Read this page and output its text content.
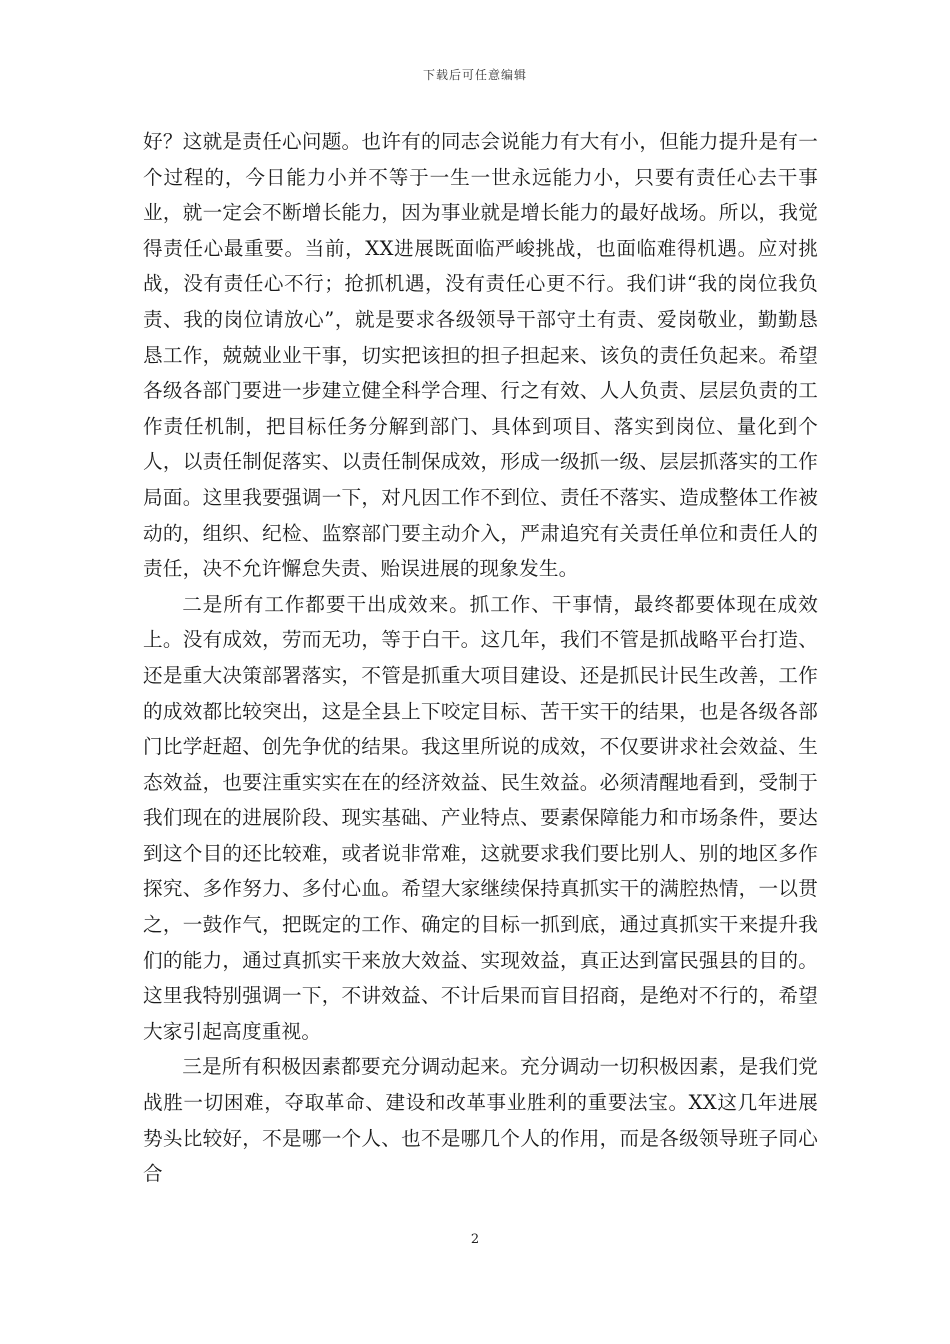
下载后可任意编辑

好？这就是责任心问题。也许有的同志会说能力有大有小，但能力提升是有一个过程的，今日能力小并不等于一生一世永远能力小，只要有责任心去干事业，就一定会不断增长能力，因为事业就是增长能力的最好战场。所以，我觉得责任心最重要。当前，XX进展既面临严峻挑战，也面临难得机遇。应对挑战，没有责任心不行；抢抓机遇，没有责任心更不行。我们讲“我的岗位我负责、我的岗位请放心”，就是要求各级领导干部守土有责、爱岗敬业，勤勤恳恳工作，兢兢业业干事，切实把该担的担子担起来、该负的责任负起来。希望各级各部门要进一步建立健全科学合理、行之有效、人人负责、层层负责的工作责任机制，把目标任务分解到部门、具体到项目、落实到岗位、量化到个人，以责任制促落实、以责任制保成效，形成一级抓一级、层层抓落实的工作局面。这里我要强调一下，对凡因工作不到位、责任不落实、造成整体工作被动的，组织、纪检、监察部门要主动介入，严肃追究有关责任单位和责任人的责任，决不允许懈怠失责、贻误进展的现象发生。

二是所有工作都要干出成效来。抓工作、干事情，最终都要体现在成效上。没有成效，劳而无功，等于白干。这几年，我们不管是抓战略平台打造、还是重大决策部署落实，不管是抓重大项目建设、还是抓民计民生改善，工作的成效都比较突出，这是全县上下咬定目标、苦干实干的结果，也是各级各部门比学赶超、创先争优的结果。我这里所说的成效，不仅要讲求社会效益、生态效益，也要注重实实在在的经济效益、民生效益。必须清醒地看到，受制于我们现在的进展阶段、现实基础、产业特点、要素保障能力和市场条件，要达到这个目的还比较难，或者说非常难，这就要求我们要比别人、别的地区多作探究、多作努力、多付心血。希望大家继续保持真抓实干的满腔热情，一以贯之，一鼓作气，把既定的工作、确定的目标一抓到底，通过真抓实干来提升我们的能力，通过真抓实干来放大效益、实现效益，真正达到富民强县的目的。这里我特别强调一下，不讲效益、不计后果而盲目招商，是绝对不行的，希望大家引起高度重视。

三是所有积极因素都要充分调动起来。充分调动一切积极因素，是我们党战胜一切困难，夺取革命、建设和改革事业胜利的重要法宝。XX这几年进展势头比较好，不是哪一个人、也不是哪几个人的作用，而是各级领导班子同心合

2
